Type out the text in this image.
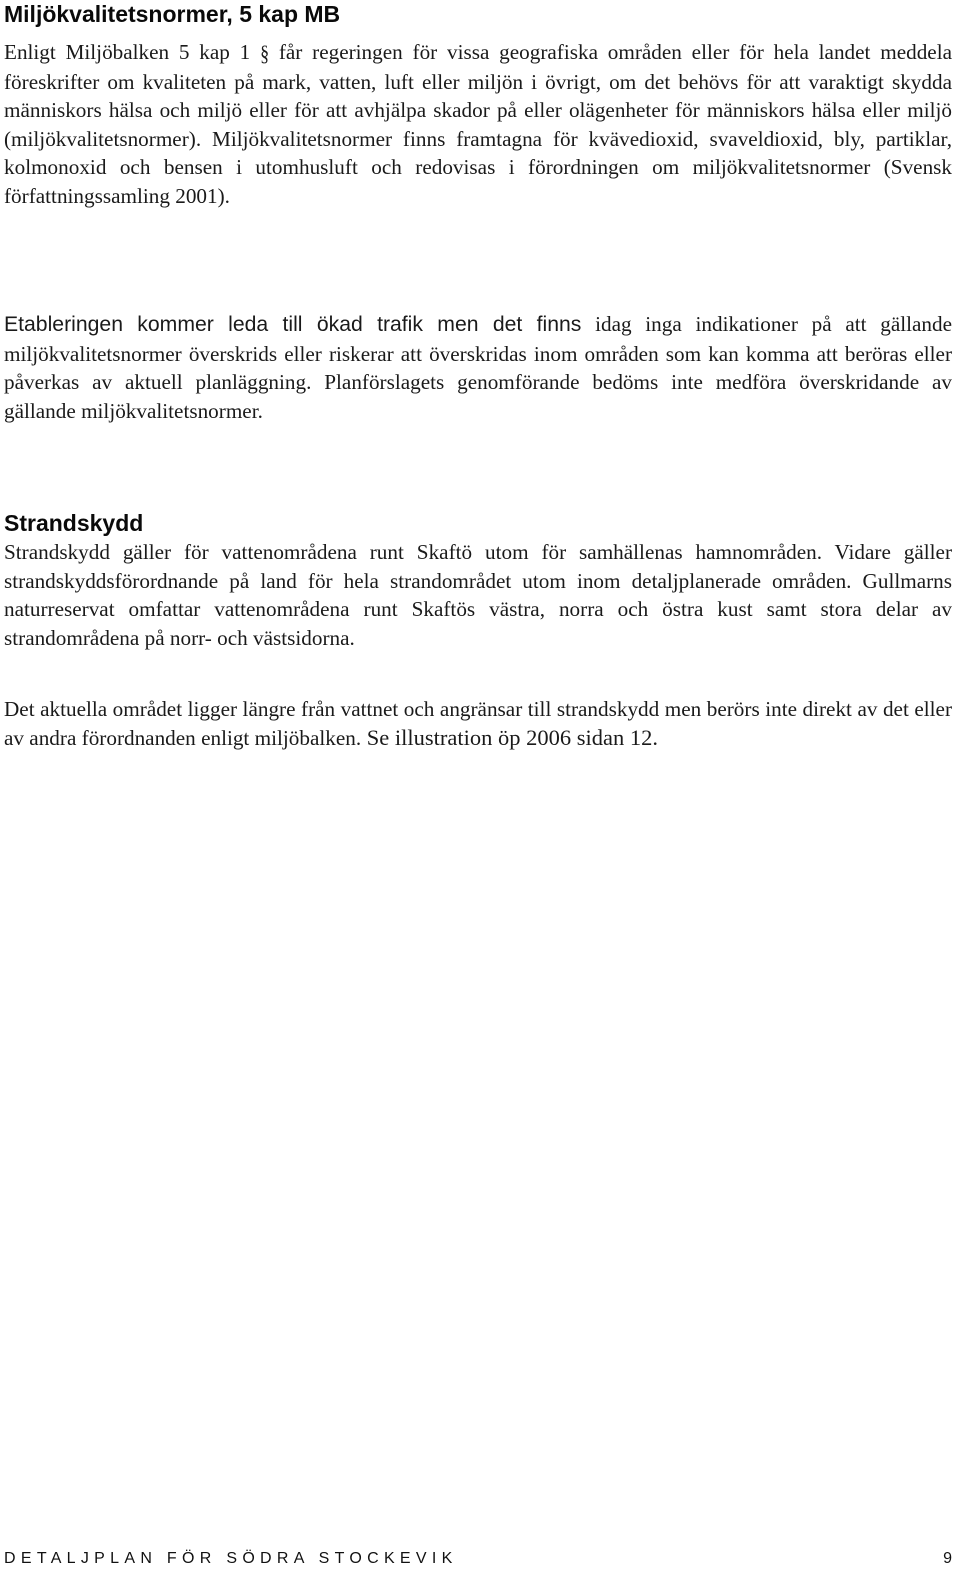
Miljökvalitetsnormer, 5 kap MB

Enligt Miljöbalken 5 kap 1 § får regeringen för vissa geografiska områden eller för hela landet meddela föreskrifter om kvaliteten på mark, vatten, luft eller miljön i övrigt, om det behövs för att varaktigt skydda människors hälsa och miljö eller för att avhjälpa skador på eller olägenheter för människors hälsa eller miljö (miljökvalitetsnormer). Miljökvalitetsnormer finns framtagna för kvävedioxid, svaveldioxid, bly, partiklar, kolmonoxid och bensen i utomhusluft och redovisas i förordningen om miljökvalitetsnormer (Svensk författningssamling 2001).

Etableringen kommer leda till ökad trafik men det finns idag inga indikationer på att gällande miljökvalitetsnormer överskrids eller riskerar att överskridas inom områden som kan komma att beröras eller påverkas av aktuell planläggning. Planförslagets genomförande bedöms inte medföra överskridande av gällande miljökvalitetsnormer.

Strandskydd

Strandskydd gäller för vattenområdena runt Skaftö utom för samhällenas hamnområden. Vidare gäller strandskyddsförordnande på land för hela strandområdet utom inom detaljplanerade områden. Gullmarns naturreservat omfattar vattenområdena runt Skaftös västra, norra och östra kust samt stora delar av strandområdena på norr- och västsidorna.

Det aktuella området ligger längre från vattnet och angränsar till strandskydd men berörs inte direkt av det eller av andra förordnanden enligt miljöbalken. Se illustration öp 2006 sidan 12.

DETALJPLAN FÖR SÖDRA STOCKEVIK	9
